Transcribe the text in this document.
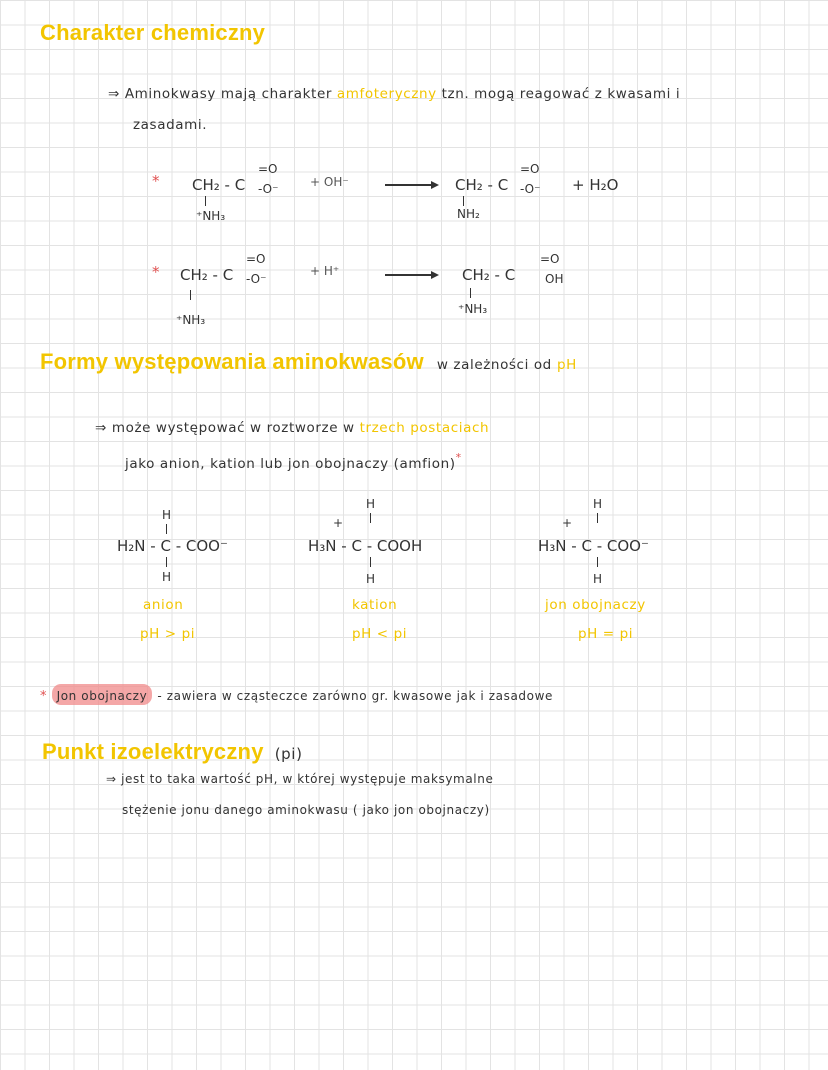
Charakter chemiczny
⇒ Aminokwasy mają charakter amfoteryczny tzn. mogą reagować z kwasami i
zasadami.
* CH₂ - C
=O
-O⁻
⁺NH₃
+ OH⁻	CH₂ - C
=O
-O⁻
NH₂
+ H₂O
* CH₂ - C
=O
-O⁻
⁺NH₃
+ H⁺	CH₂ - C
=O
OH
⁺NH₃
Formy występowania aminokwasów w zależności od pH
⇒ może występować w roztworze w trzech postaciach
jako anion, kation lub jon obojnaczy (amfion)*
H
H₂N - C - COO⁻
H
anion
pH > pi
H
+
H₃N - C - COOH
H
kation
pH < pi
H
+
H₃N - C - COO⁻
H
jon obojnaczy
pH = pi
* Jon obojnaczy - zawiera w cząsteczce zarówno gr. kwasowe jak i zasadowe
Punkt izoelektryczny (pi)
⇒ jest to taka wartość pH, w której występuje maksymalne
stężenie jonu danego aminokwasu ( jako jon obojnaczy)
